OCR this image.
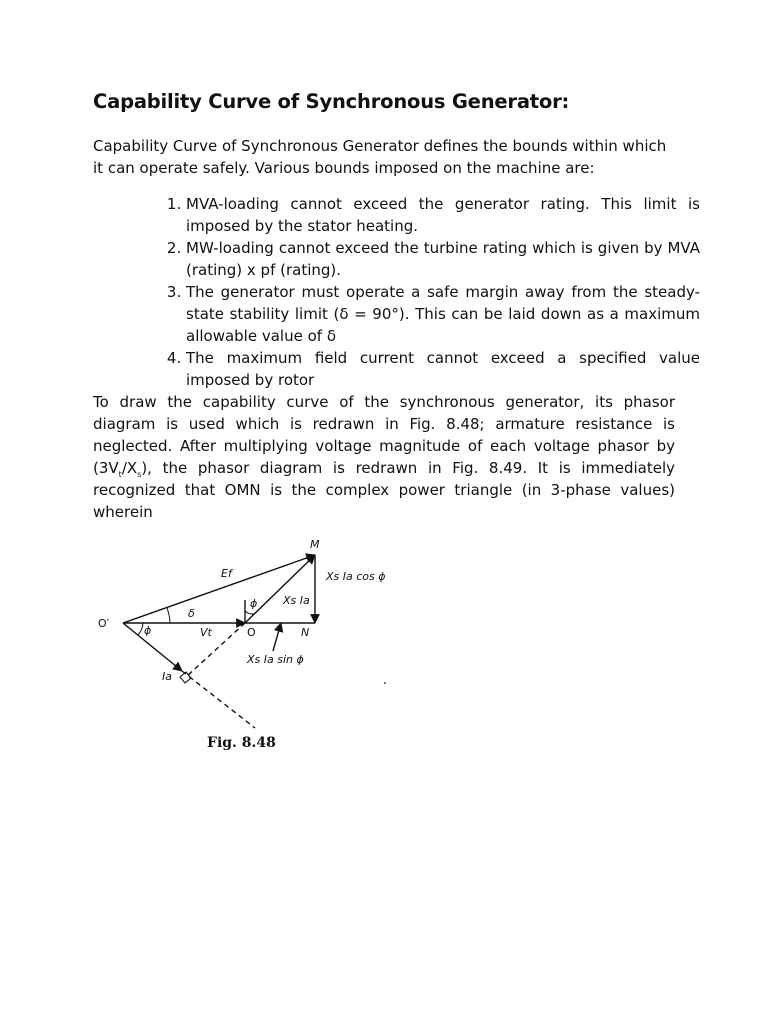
Capability Curve of Synchronous Generator:

Capability Curve of Synchronous Generator defines the bounds within which it can operate safely. Various bounds imposed on the machine are:

1. MVA-loading cannot exceed the generator rating. This limit is imposed by the stator heating.
2. MW-loading cannot exceed the turbine rating which is given by MVA (rating) x pf (rating).
3. The generator must operate a safe margin away from the steady-state stability limit (δ = 90°). This can be laid down as a maximum allowable value of δ
4. The maximum field current cannot exceed a specified value imposed by rotor

To draw the capability curve of the synchronous generator, its phasor diagram is used which is redrawn in Fig. 8.48; armature resistance is neglected. After multiplying voltage magnitude of each voltage phasor by $(3V_t/X_s)$, the phasor diagram is redrawn in Fig. 8.49. It is immediately recognized that OMN is the complex power triangle (in 3-phase values) wherein

O′
O
M
N
Ef
Vt
Ia
δ
ϕ
ϕ Xs Ia
Xs Ia cos ϕ
Xs Ia sin ϕ

Fig. 8.48
